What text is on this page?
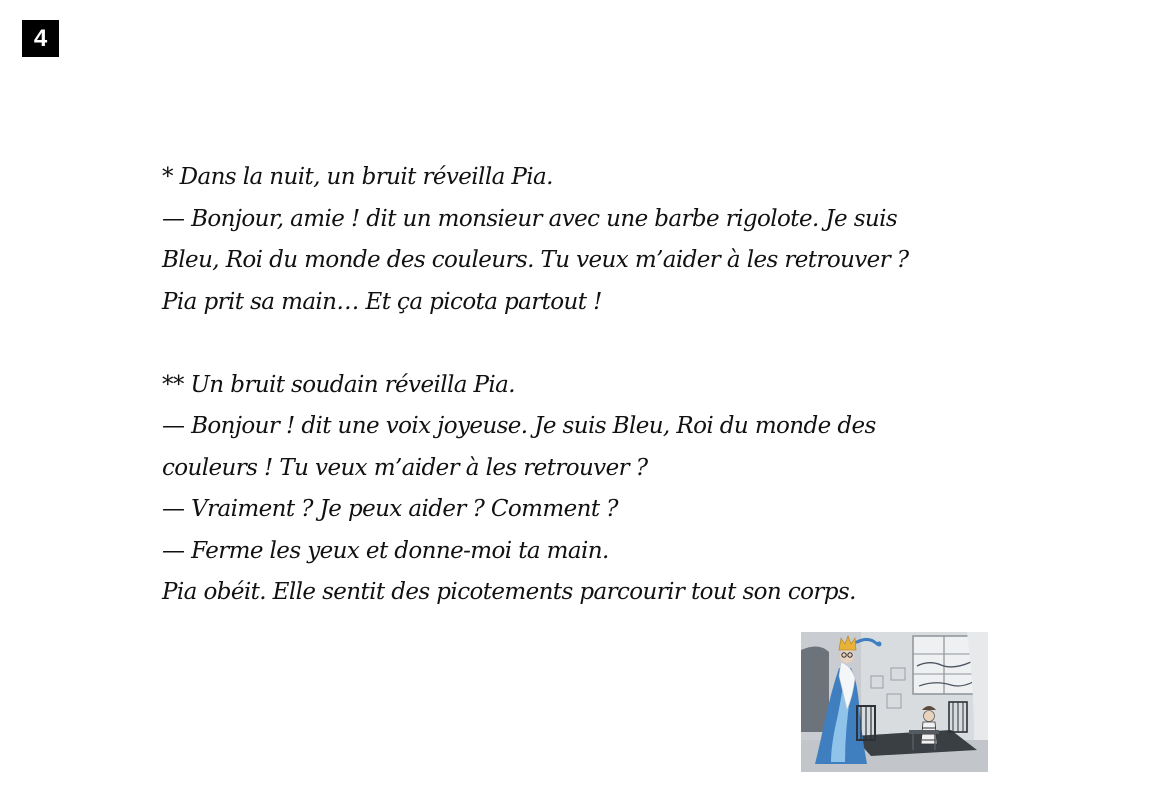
4
* Dans la nuit, un bruit réveilla Pia.
— Bonjour, amie ! dit un monsieur avec une barbe rigolote. Je suis
Bleu, Roi du monde des couleurs. Tu veux m’aider à les retrouver ?
Pia prit sa main… Et ça picota partout !
** Un bruit soudain réveilla Pia.
— Bonjour ! dit une voix joyeuse. Je suis Bleu, Roi du monde des
couleurs ! Tu veux m’aider à les retrouver ?
— Vraiment ? Je peux aider ? Comment ?
— Ferme les yeux et donne-moi ta main.
Pia obéit. Elle sentit des picotements parcourir tout son corps.
